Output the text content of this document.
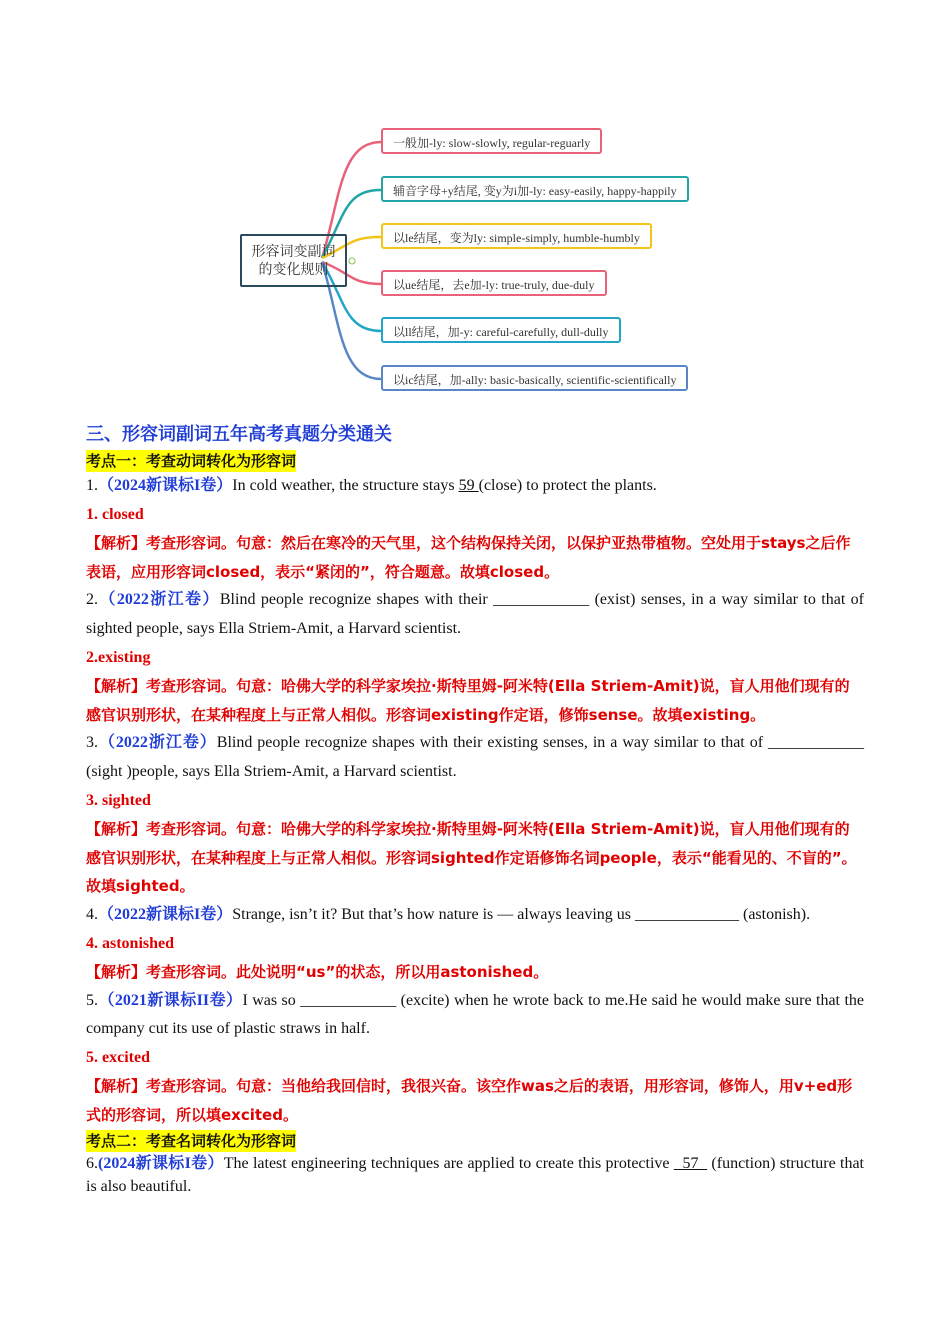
形容词变副词
的变化规则
一般加-ly: slow-slowly, regular-reguarly
辅音字母+y结尾, 变y为i加-ly: easy-easily, happy-happily
以le结尾，变为ly: simple-simply, humble-humbly
以ue结尾，去e加-ly: true-truly, due-duly
以ll结尾，加-y: careful-carefully, dull-dully
以ic结尾，加-ally: basic-basically, scientific-scientifically
三、形容词副词五年高考真题分类通关
考点一：考查动词转化为形容词

1.（2024新课标I卷）In cold weather, the structure stays 59 (close) to protect the plants.

1. closed
【解析】考查形容词。句意：然后在寒冷的天气里，这个结构保持关闭，以保护亚热带植物。空处用于stays之后作表语，应用形容词closed，表示“紧闭的”，符合题意。故填closed。

2.（2022浙江卷）Blind people recognize shapes with their ____________ (exist) senses, in a way similar to that of sighted people, says Ella Striem-Amit, a Harvard scientist.

2.existing
【解析】考查形容词。句意：哈佛大学的科学家埃拉·斯特里姆-阿米特(Ella Striem-Amit)说，盲人用他们现有的感官识别形状，在某种程度上与正常人相似。形容词existing作定语，修饰sense。故填existing。

3.（2022浙江卷）Blind people recognize shapes with their existing senses, in a way similar to that of ____________ (sight )people, says Ella Striem-Amit, a Harvard scientist.

3. sighted
【解析】考查形容词。句意：哈佛大学的科学家埃拉·斯特里姆-阿米特(Ella Striem-Amit)说，盲人用他们现有的感官识别形状，在某种程度上与正常人相似。形容词sighted作定语修饰名词people，表示“能看见的、不盲的”。故填sighted。

4.（2022新课标I卷）Strange, isn’t it? But that’s how nature is — always leaving us _____________ (astonish).

4. astonished
【解析】考查形容词。此处说明“us”的状态，所以用astonished。

5.（2021新课标II卷）I was so ____________ (excite) when he wrote back to me.He said he would make sure that the company cut its use of plastic straws in half.

5. excited
【解析】考查形容词。句意：当他给我回信时，我很兴奋。该空作was之后的表语，用形容词，修饰人，用v+ed形式的形容词，所以填excited。
考点二：考查名词转化为形容词

6.(2024新课标I卷）The latest engineering techniques are applied to create this protective   57   (function) structure that is also beautiful.
